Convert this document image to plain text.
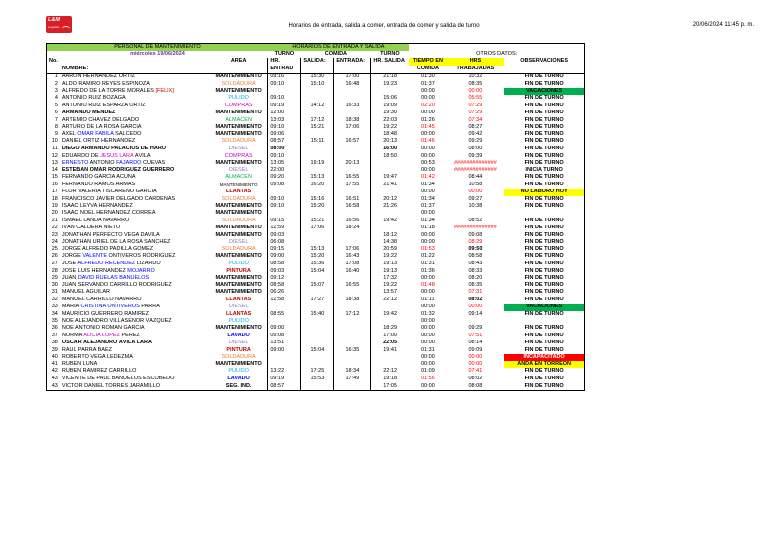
L&M
Logistics	Horarios de entrada, salida a comer, entrada de comer y salida de turno	20/06/2024 11:45 p. m.
PERSONAL DE MANTENIMIENTO			HORARIOS DE ENTRADA Y SALIDA						
miércoles 19/06/2024			TURNO	COMIDA		TURNO	OTROS DATOS:		
No.		ÁREA	HR.	SALIDA:	ENTRADA:	HR. SALIDA	TIEMPO EN	HRS	OBSERVACIONES
	NOMBRE:		ENTRAD				COMIDA	TRABAJADAS	
1	AARÓN HERNÁNDEZ ORTIZ	MANTENIMIENTO	09:16	15:30	17:00	21:18	01:30	10:32	FIN DE TURNO
2	ALDO RAMIRO REYES ESPINOZA	SOLDADURA	09:10	15:10	16:48	19:23	01:37	08:35	FIN DE TURNO
3	ALFREDO DE LA TORRE MORALES [FÉLIX]	MANTENIMIENTO					00:00	00:00	VACACIONES
4	ANTONIO RUÍZ BOZAGA	PULIDO	09:10			15:06	00:00	05:55	FIN DE TURNO
5	ANTONIO RUÍZ ESPARZA ORTIZ	COMPRAS	09:19	14:12	16:33	19:09	02:20	07:29	FIN DE TURNO
6	ARMANDO MÉNDEZ	MANTENIMIENTO	12:00			19:30	00:00	07:29	FIN DE TURNO
7	ARTEMIO CHÁVEZ DELGADO	ALMACÉN	13:03	17:12	18:38	22:03	01:26	07:34	FIN DE TURNO
8	ARTURO DE LA ROSA GARCÍA	MANTENIMIENTO	09:10	15:21	17:06	19:22	01:45	08:27	FIN DE TURNO
9	AXEL OMAR FABILA SALCEDO	MANTENIMIENTO	09:06			18:48	00:00	09:42	FIN DE TURNO
10	DANIEL ORTÍZ HERNÁNDEZ	SOLDADURA	08:57	15:11	16:57	20:13	01:46	09:29	FIN DE TURNO
11	DIEGO ARMANDO PALACIOS DE HARO	DIESEL	08:00			16:00	00:00	08:00	FIN DE TURNO
12	EDUARDO DE JESÚS LARA ÁVILA	COMPRAS	09:10			18:50	00:00	09:39	FIN DE TURNO
13	ERNESTO ANTONIO FAJARDO CUEVAS	MANTENIMIENTO	13:05	19:19	20:13		00:53	##############	FIN DE TURNO
14	ESTEBAN OMAR RODRÍGUEZ GUERRERO	DIESEL	22:00				00:00	##############	INICIA TURNO
15	FERNANDO GARCÍA ACUÑA	ALMACÉN	09:20	15:13	16:55	19:47	01:42	08:44	FIN DE TURNO
16	FERNANDO RAMOS ARMAS	MANTENIMIENTO	09:08	16:20	17:55	21:41	01:34	10:58	FIN DE TURNO
17	FLOR VALERIA TISCAREÑO GARCÍA	LLANTAS					00:00	00:00	NO LABORO HOY
18	FRANCISCO JAVIER DELGADO CÁRDENAS	SOLDADURA	09:10	15:16	16:51	20:12	01:34	09:27	FIN DE TURNO
19	ISAAC LEYVA HERNÁNDEZ	MANTENIMIENTO	09:10	15:20	16:58	21:26	01:37	10:38	FIN DE TURNO
20	ISAAC NOEL HERNÁNDEZ CORREA	MANTENIMIENTO					00:00		
21	ISMAEL LANDA NAVARRO	SOLDADURA	09:15	15:21	16:56	19:42	01:34	08:52	FIN DE TURNO
22	IVÁN CALDERA NIETO	MANTENIMIENTO	12:59	17:06	18:24		01:18	##############	FIN DE TURNO
23	JONATHAN PERFECTO VEGA DAVILA	MANTENIMIENTO	09:03			18:12	00:00	09:08	FIN DE TURNO
24	JONATHAN URIEL DE LA ROSA SÁNCHEZ	DIESEL	06:08			14:38	00:00	08:29	FIN DE TURNO
25	JORGE ALFREDO PADILLA GÓMEZ	SOLDADURA	09:15	15:13	17:06	20:59	01:53	09:50	FIN DE TURNO
26	JORGE VALENTE ONTIVEROS RODRÍGUEZ	MANTENIMIENTO	09:00	15:20	16:43	19:22	01:22	08:58	FIN DE TURNO
27	JOSÉ ALFREDO RECENDEZ LIZARDO	PULIDO	08:58	15:36	17:08	19:13	01:31	08:43	FIN DE TURNO
28	JOSÉ LUIS HERNÁNDEZ MOJARRO	PINTURA	09:03	15:04	16:40	19:13	01:36	08:33	FIN DE TURNO
29	JUAN DAVID RUELAS BAÑUELOS	MANTENIMIENTO	09:12			17:32	00:00	08:20	FIN DE TURNO
30	JUAN SERVANDO CARRILLO RODRÍGUEZ	MANTENIMIENTO	08:58	15:07	16:55	19:22	01:48	08:35	FIN DE TURNO
31	MANUEL AGUILAR	MANTENIMIENTO	06:26			13:57	00:00	07:31	FIN DE TURNO
32	MANUEL CARRILLO NAVARRO	LLANTAS	12:58	17:27	18:38	22:12	01:11	08:02	FIN DE TURNO
33	MARÍA CRISTINA ONTIVEROS PARRA	DIESEL					00:00	00:00	VACACIONES
34	MAURICIO GUERRERO RAMÍREZ	LLANTAS	08:55	15:40	17:12	19:42	01:32	09:14	FIN DE TURNO
35	NOÉ ALEJANDRO VILLASEÑOR VÁZQUEZ	PULIDO					00:00		
36	NOÉ ANTONIO ROMÁN GARCÍA	MANTENIMIENTO	09:00			18:29	00:00	09:29	FIN DE TURNO
37	NORMA ALICIA LÓPEZ PÉREZ	LAVADO	09:08			17:00	00:00	07:51	FIN DE TURNO
38	ÓSCAR ALEJANDRO ÁVILA LARA	DIESEL	13:51			22:05	00:00	08:14	FIN DE TURNO
39	RAÚL PARRA BÁEZ	PINTURA	09:00	15:04	16:35	19:41	01:31	09:09	FIN DE TURNO
40	ROBERTO VEGA LEDEZMA	SOLDADURA					00:00	00:00	INCAPACITADO
41	RUBÉN LUNA	MANTENIMIENTO					00:00	00:00	ANDA EN TORREON
42	RUBÉN RAMÍREZ CARRILLO	PULIDO	13:22	17:25	18:34	22:12	01:09	07:41	FIN DE TURNO
43	VICENTE DE PAÚL BAÑUELOS ESCOBEDO	LAVADO	09:19	15:53	17:49	19:18	01:56	08:02	FIN DE TURNO
43	VÍCTOR DANIEL TORRES JARAMILLO	SEG. IND.	08:57			17:05	00:00	08:08	FIN DE TURNO
